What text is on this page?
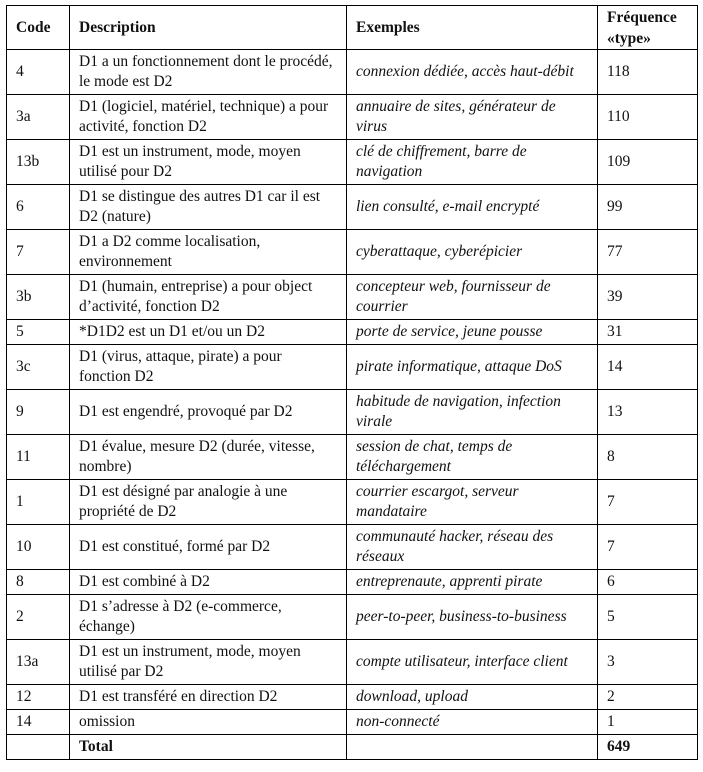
Code	Description	Exemples	Fréquence
«type»
4	D1 a un fonctionnement dont le procédé, le mode est D2	connexion dédiée, accès haut-débit	118
3a	D1 (logiciel, matériel, technique) a pour activité, fonction D2	annuaire de sites, générateur de virus	110
13b	D1 est un instrument, mode, moyen utilisé pour D2	clé de chiffrement, barre de navigation	109
6	D1 se distingue des autres D1 car il est D2 (nature)	lien consulté, e-mail encrypté	99
7	D1 a D2 comme localisation, environnement	cyberattaque, cyberépicier	77
3b	D1 (humain, entreprise) a pour object d’activité, fonction D2	concepteur web, fournisseur de courrier	39
5	*D1D2 est un D1 et/ou un D2	porte de service, jeune pousse	31
3c	D1 (virus, attaque, pirate) a pour fonction D2	pirate informatique, attaque DoS	14
9	D1 est engendré, provoqué par D2	habitude de navigation, infection virale	13
11	D1 évalue, mesure D2 (durée, vitesse, nombre)	session de chat, temps de téléchargement	8
1	D1 est désigné par analogie à une propriété de D2	courrier escargot, serveur mandataire	7
10	D1 est constitué, formé par D2	communauté hacker, réseau des réseaux	7
8	D1 est combiné à D2	entreprenaute, apprenti pirate	6
2	D1 s’adresse à D2 (e-commerce, échange)	peer-to-peer, business-to-business	5
13a	D1 est un instrument, mode, moyen utilisé par D2	compte utilisateur, interface client	3
12	D1 est transféré en direction D2	download, upload	2
14	omission	non-connecté	1
	Total		649
